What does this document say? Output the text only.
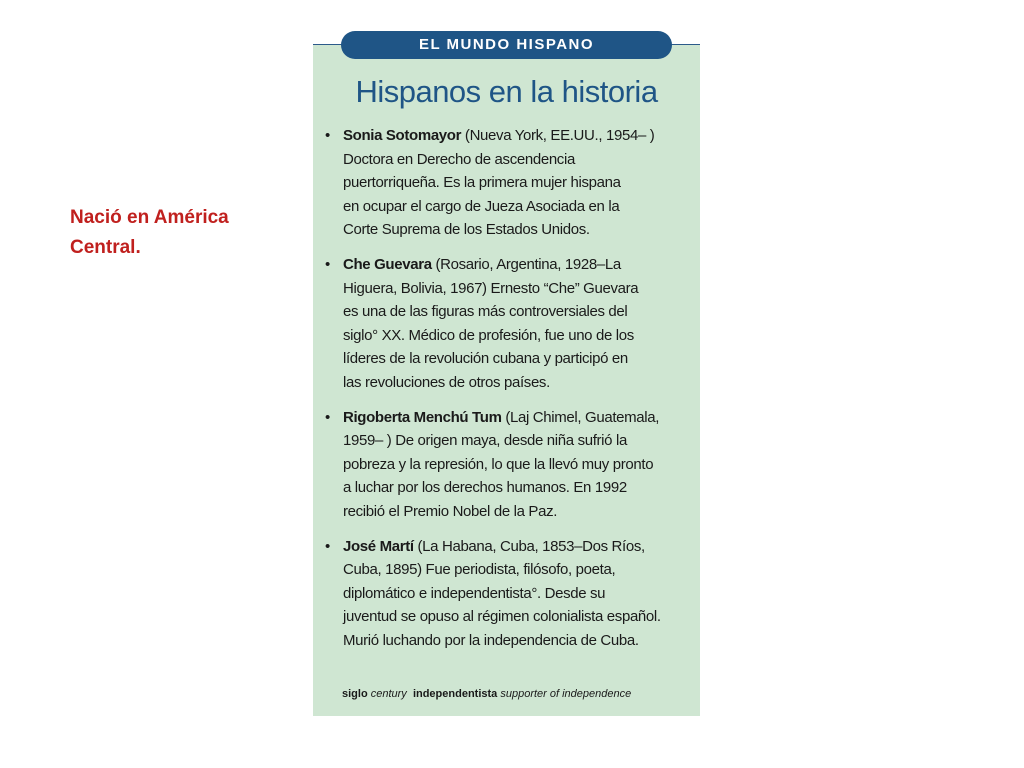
Nació en América
Central.
EL MUNDO HISPANO
Hispanos en la historia
• Sonia Sotomayor (Nueva York, EE.UU., 1954– )
Doctora en Derecho de ascendencia
puertorriqueña. Es la primera mujer hispana
en ocupar el cargo de Jueza Asociada en la
Corte Suprema de los Estados Unidos.
• Che Guevara (Rosario, Argentina, 1928–La
Higuera, Bolivia, 1967) Ernesto “Che” Guevara
es una de las figuras más controversiales del
siglo° XX. Médico de profesión, fue uno de los
líderes de la revolución cubana y participó en
las revoluciones de otros países.
• Rigoberta Menchú Tum (Laj Chimel, Guatemala,
1959– ) De origen maya, desde niña sufrió la
pobreza y la represión, lo que la llevó muy pronto
a luchar por los derechos humanos. En 1992
recibió el Premio Nobel de la Paz.
• José Martí (La Habana, Cuba, 1853–Dos Ríos,
Cuba, 1895) Fue periodista, filósofo, poeta,
diplomático e independentista°. Desde su
juventud se opuso al régimen colonialista español.
Murió luchando por la independencia de Cuba.
siglo century independentista supporter of independence
